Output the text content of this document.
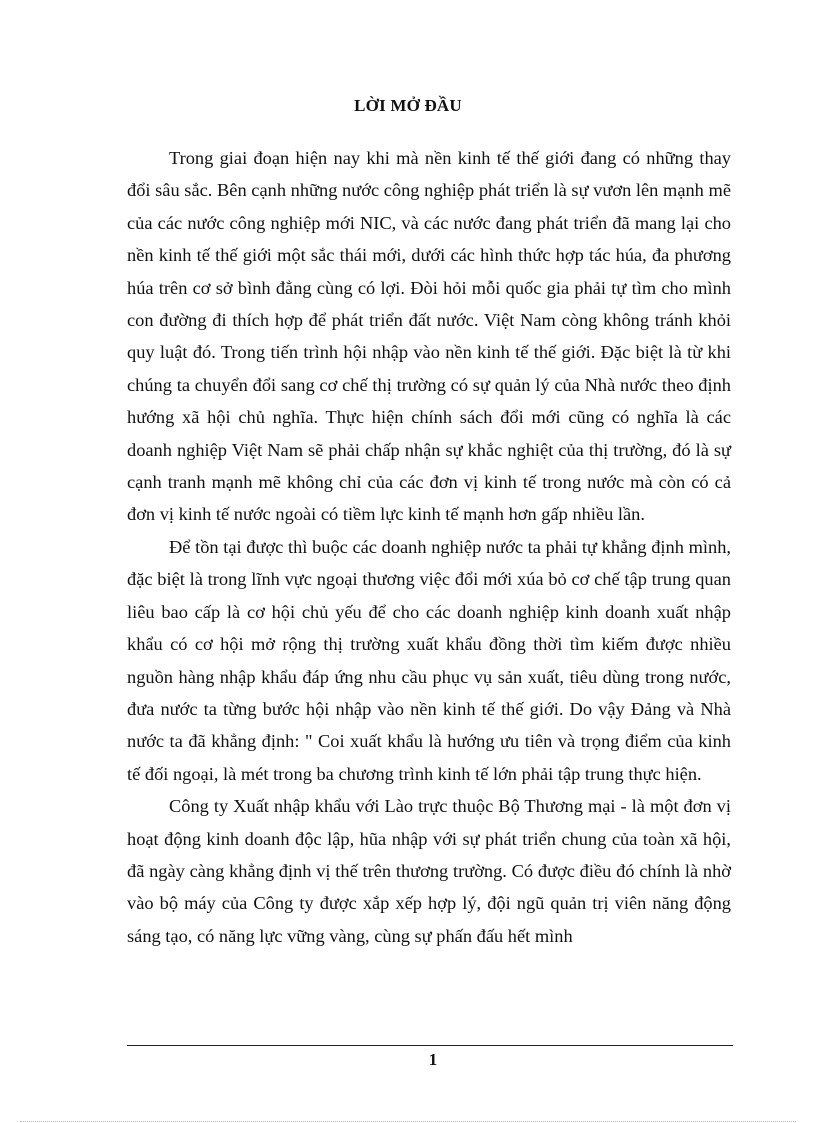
LỜI MỞ ĐẦU

Trong giai đoạn hiện nay khi mà nền kinh tế thế giới đang có những thay đổi sâu sắc. Bên cạnh những nước công nghiệp phát triển là sự vươn lên mạnh mẽ của các nước công nghiệp mới NIC, và các nước đang phát triển đã mang lại cho nền kinh tế thế giới một sắc thái mới, dưới các hình thức hợp tác húa, đa phương húa trên cơ sở bình đẳng cùng có lợi. Đòi hỏi mỗi quốc gia phải tự tìm cho mình con đường đi thích hợp để phát triển đất nước. Việt Nam còng không tránh khỏi quy luật đó. Trong tiến trình hội nhập vào nền kinh tế thế giới. Đặc biệt là từ khi chúng ta chuyển đổi sang cơ chế thị trường có sự quản lý của Nhà nước theo định hướng xã hội chủ nghĩa. Thực hiện chính sách đổi mới cũng có nghĩa là các doanh nghiệp Việt Nam sẽ phải chấp nhận sự khắc nghiệt của thị trường, đó là sự cạnh tranh mạnh mẽ không chỉ của các đơn vị kinh tế trong nước mà còn có cả đơn vị kinh tế nước ngoài có tiềm lực kinh tế mạnh hơn gấp nhiều lần.

Để tồn tại được thì buộc các doanh nghiệp nước ta phải tự khẳng định mình, đặc biệt là trong lĩnh vực ngoại thương việc đổi mới xúa bỏ cơ chế tập trung quan liêu bao cấp là cơ hội chủ yếu để cho các doanh nghiệp kinh doanh xuất nhập khẩu có cơ hội mở rộng thị trường xuất khẩu đồng thời tìm kiếm được nhiều nguồn hàng nhập khẩu đáp ứng nhu cầu phục vụ sản xuất, tiêu dùng trong nước, đưa nước ta từng bước hội nhập vào nền kinh tế thế giới. Do vậy Đảng và Nhà nước ta đã khẳng định: " Coi xuất khẩu là hướng ưu tiên và trọng điểm của kinh tế đối ngoại, là mét trong ba chương trình kinh tế lớn phải tập trung thực hiện.

Công ty Xuất nhập khẩu với Lào trực thuộc Bộ Thương mại - là một đơn vị hoạt động kinh doanh độc lập, hũa nhập với sự phát triển chung của toàn xã hội, đã ngày càng khẳng định vị thế trên thương trường. Có được điều đó chính là nhờ vào bộ máy của Công ty được xắp xếp hợp lý, đội ngũ quản trị viên năng động sáng tạo, có năng lực vững vàng, cùng sự phấn đấu hết mình

1
